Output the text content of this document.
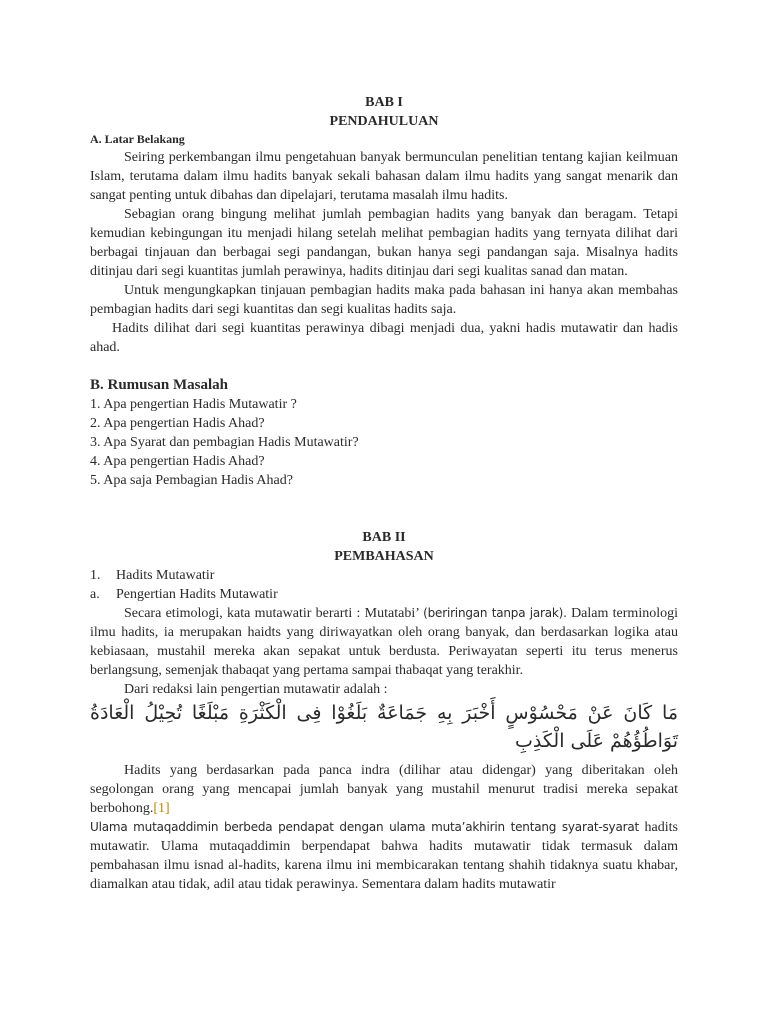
BAB I
PENDAHULUAN
A. Latar Belakang

Seiring perkembangan ilmu pengetahuan banyak bermunculan penelitian tentang kajian keilmuan Islam, terutama dalam ilmu hadits banyak sekali bahasan dalam ilmu hadits yang sangat menarik dan sangat penting untuk dibahas dan dipelajari, terutama masalah ilmu hadits.

Sebagian orang bingung melihat jumlah pembagian hadits yang banyak dan beragam. Tetapi kemudian kebingungan itu menjadi hilang setelah melihat pembagian hadits yang ternyata dilihat dari berbagai tinjauan dan berbagai segi pandangan, bukan hanya segi pandangan saja. Misalnya hadits ditinjau dari segi kuantitas jumlah perawinya, hadits ditinjau dari segi kualitas sanad dan matan.

Untuk mengungkapkan tinjauan pembagian hadits maka pada bahasan ini hanya akan membahas pembagian hadits dari segi kuantitas dan segi kualitas hadits saja.

Hadits dilihat dari segi kuantitas perawinya dibagi menjadi dua, yakni hadis mutawatir dan hadis ahad.

B. Rumusan Masalah
1. Apa pengertian Hadis Mutawatir ?
2. Apa pengertian Hadis Ahad?
3. Apa Syarat dan pembagian Hadis Mutawatir?
4. Apa pengertian Hadis Ahad?
5. Apa saja Pembagian Hadis Ahad?
BAB II
PEMBAHASAN
1.	Hadits Mutawatir
a.	Pengertian Hadits Mutawatir

Secara etimologi, kata mutawatir berarti : Mutatabi’ (beriringan tanpa jarak). Dalam terminologi ilmu hadits, ia merupakan haidts yang diriwayatkan oleh orang banyak, dan berdasarkan logika atau kebiasaan, mustahil mereka akan sepakat untuk berdusta. Periwayatan seperti itu terus menerus berlangsung, semenjak thabaqat yang pertama sampai thabaqat yang terakhir.

Dari redaksi lain pengertian mutawatir adalah :

مَا كَانَ عَنْ مَحْسُوْسٍ أَخْبَرَ بِهِ جَمَاعَةٌ بَلَغُوْا فِى الْكَثْرَةِ مَبْلَغًا تُحِيْلُ الْعَادَةُ تَوَاطُؤُهُمْ عَلَى الْكَذِبِ

Hadits yang berdasarkan pada panca indra (dilihar atau didengar) yang diberitakan oleh segolongan orang yang mencapai jumlah banyak yang mustahil menurut tradisi mereka sepakat berbohong.[1]

Ulama mutaqaddimin berbeda pendapat dengan ulama muta’akhirin tentang syarat-syarat hadits mutawatir. Ulama mutaqaddimin berpendapat bahwa hadits mutawatir tidak termasuk dalam pembahasan ilmu isnad al-hadits, karena ilmu ini membicarakan tentang shahih tidaknya suatu khabar, diamalkan atau tidak, adil atau tidak perawinya. Sementara dalam hadits mutawatir
